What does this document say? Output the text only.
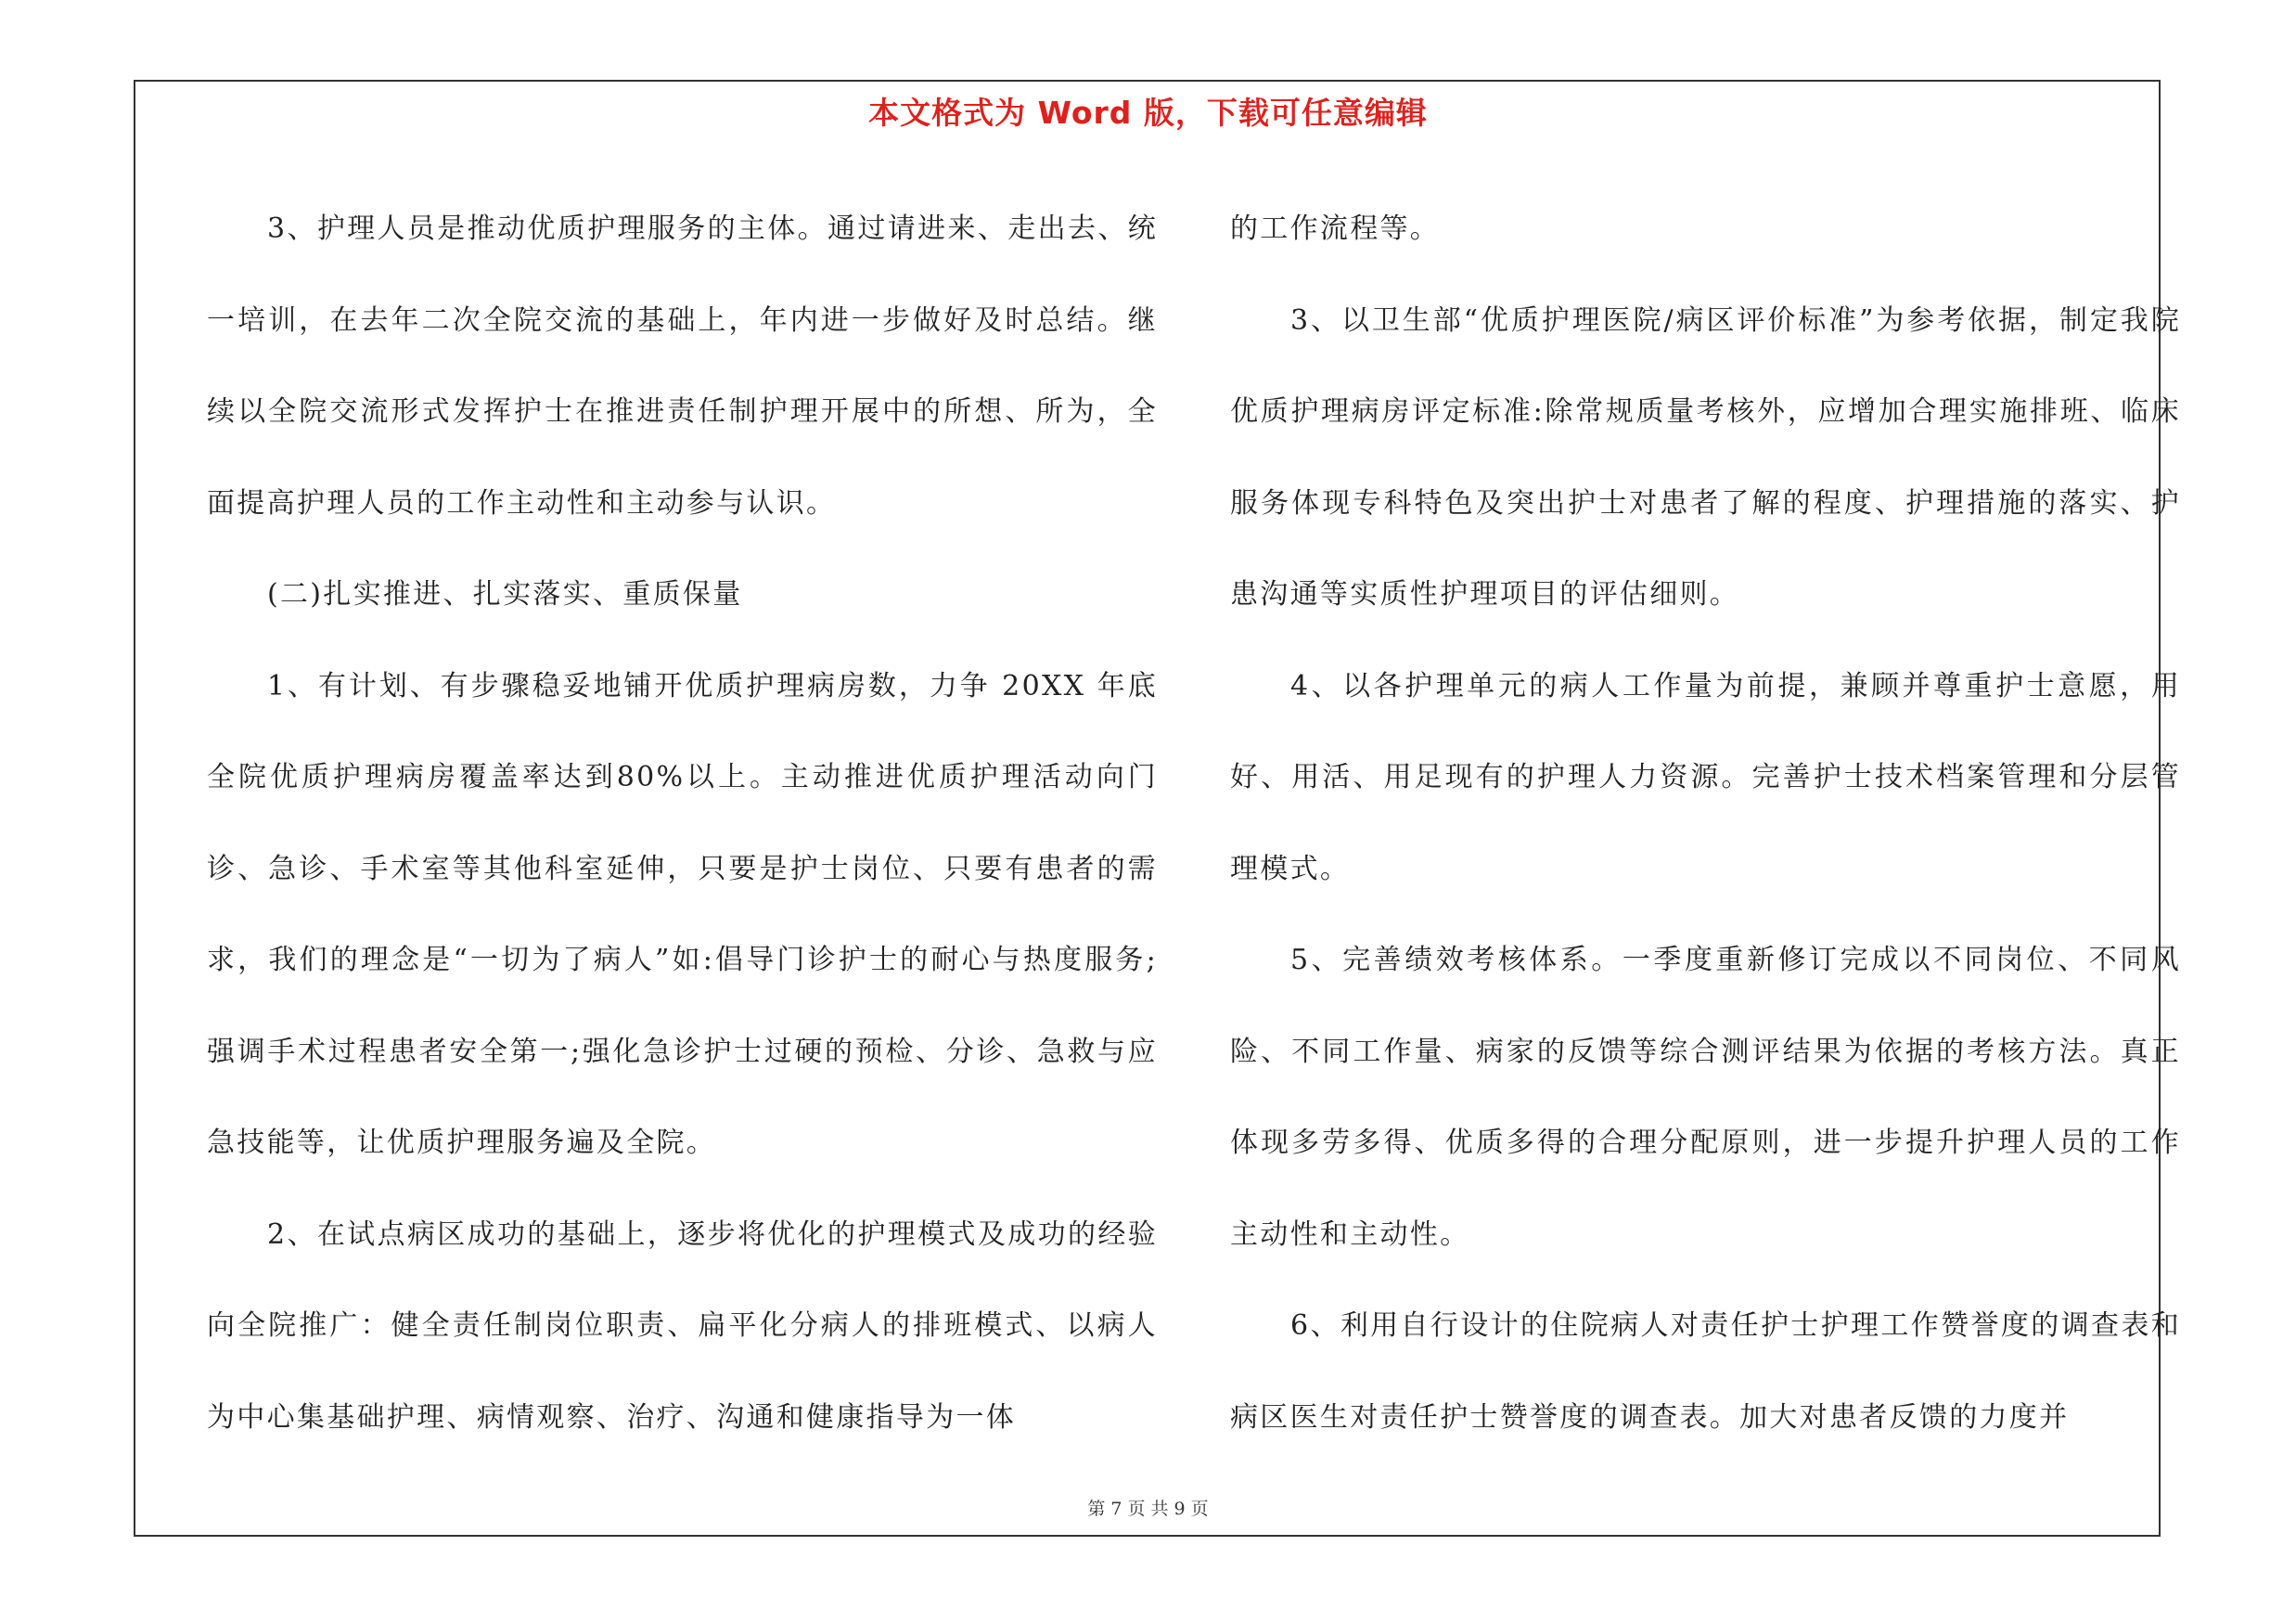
本文格式为 Word 版，下载可任意编辑

3、护理人员是推动优质护理服务的主体。通过请进来、走出去、统一培训，在去年二次全院交流的基础上，年内进一步做好及时总结。继续以全院交流形式发挥护士在推进责任制护理开展中的所想、所为，全面提高护理人员的工作主动性和主动参与认识。

(二)扎实推进、扎实落实、重质保量

1、有计划、有步骤稳妥地铺开优质护理病房数，力争 20XX 年底全院优质护理病房覆盖率达到80%以上。主动推进优质护理活动向门诊、急诊、手术室等其他科室延伸，只要是护士岗位、只要有患者的需求，我们的理念是“一切为了病人”如:倡导门诊护士的耐心与热度服务;强调手术过程患者安全第一;强化急诊护士过硬的预检、分诊、急救与应急技能等，让优质护理服务遍及全院。

2、在试点病区成功的基础上，逐步将优化的护理模式及成功的经验向全院推广：健全责任制岗位职责、扁平化分病人的排班模式、以病人为中心集基础护理、病情观察、治疗、沟通和健康指导为一体

的工作流程等。

3、以卫生部“优质护理医院/病区评价标准”为参考依据，制定我院优质护理病房评定标准:除常规质量考核外，应增加合理实施排班、临床服务体现专科特色及突出护士对患者了解的程度、护理措施的落实、护患沟通等实质性护理项目的评估细则。

4、以各护理单元的病人工作量为前提，兼顾并尊重护士意愿，用好、用活、用足现有的护理人力资源。完善护士技术档案管理和分层管理模式。

5、完善绩效考核体系。一季度重新修订完成以不同岗位、不同风险、不同工作量、病家的反馈等综合测评结果为依据的考核方法。真正体现多劳多得、优质多得的合理分配原则，进一步提升护理人员的工作主动性和主动性。

6、利用自行设计的住院病人对责任护士护理工作赞誉度的调查表和病区医生对责任护士赞誉度的调查表。加大对患者反馈的力度并

第 7 页 共 9 页
